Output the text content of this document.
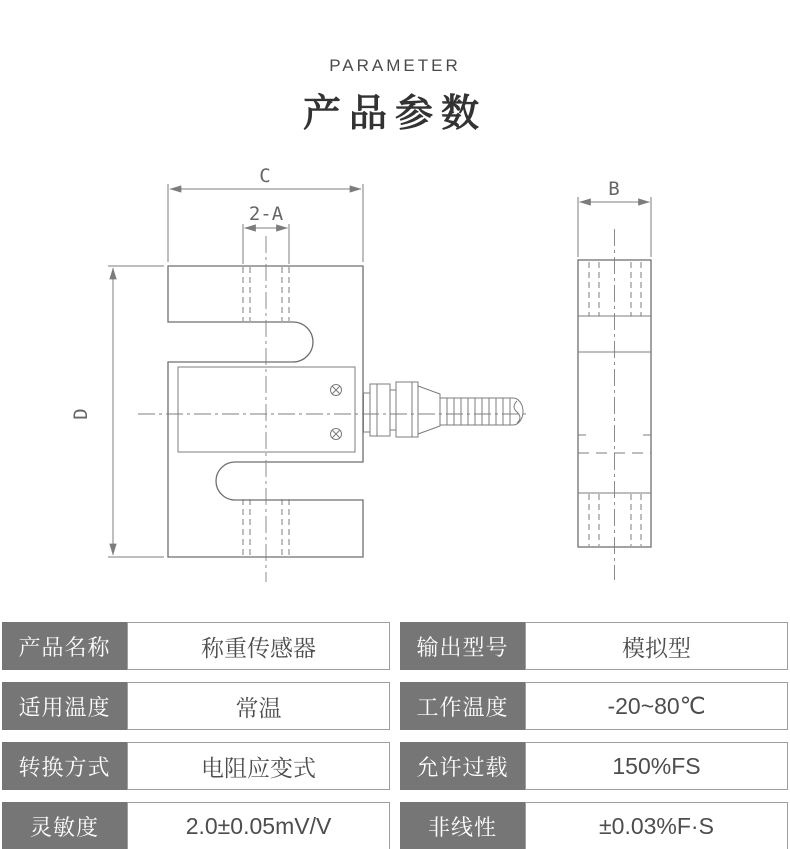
PARAMETER
产品参数
C
2-A
D
B
产品名称	称重传感器	输出型号	模拟型
适用温度	常温	工作温度	-20~80℃
转换方式	电阻应变式	允许过载	150%FS
灵敏度	2.0±0.05mV/V	非线性	±0.03%F·S
